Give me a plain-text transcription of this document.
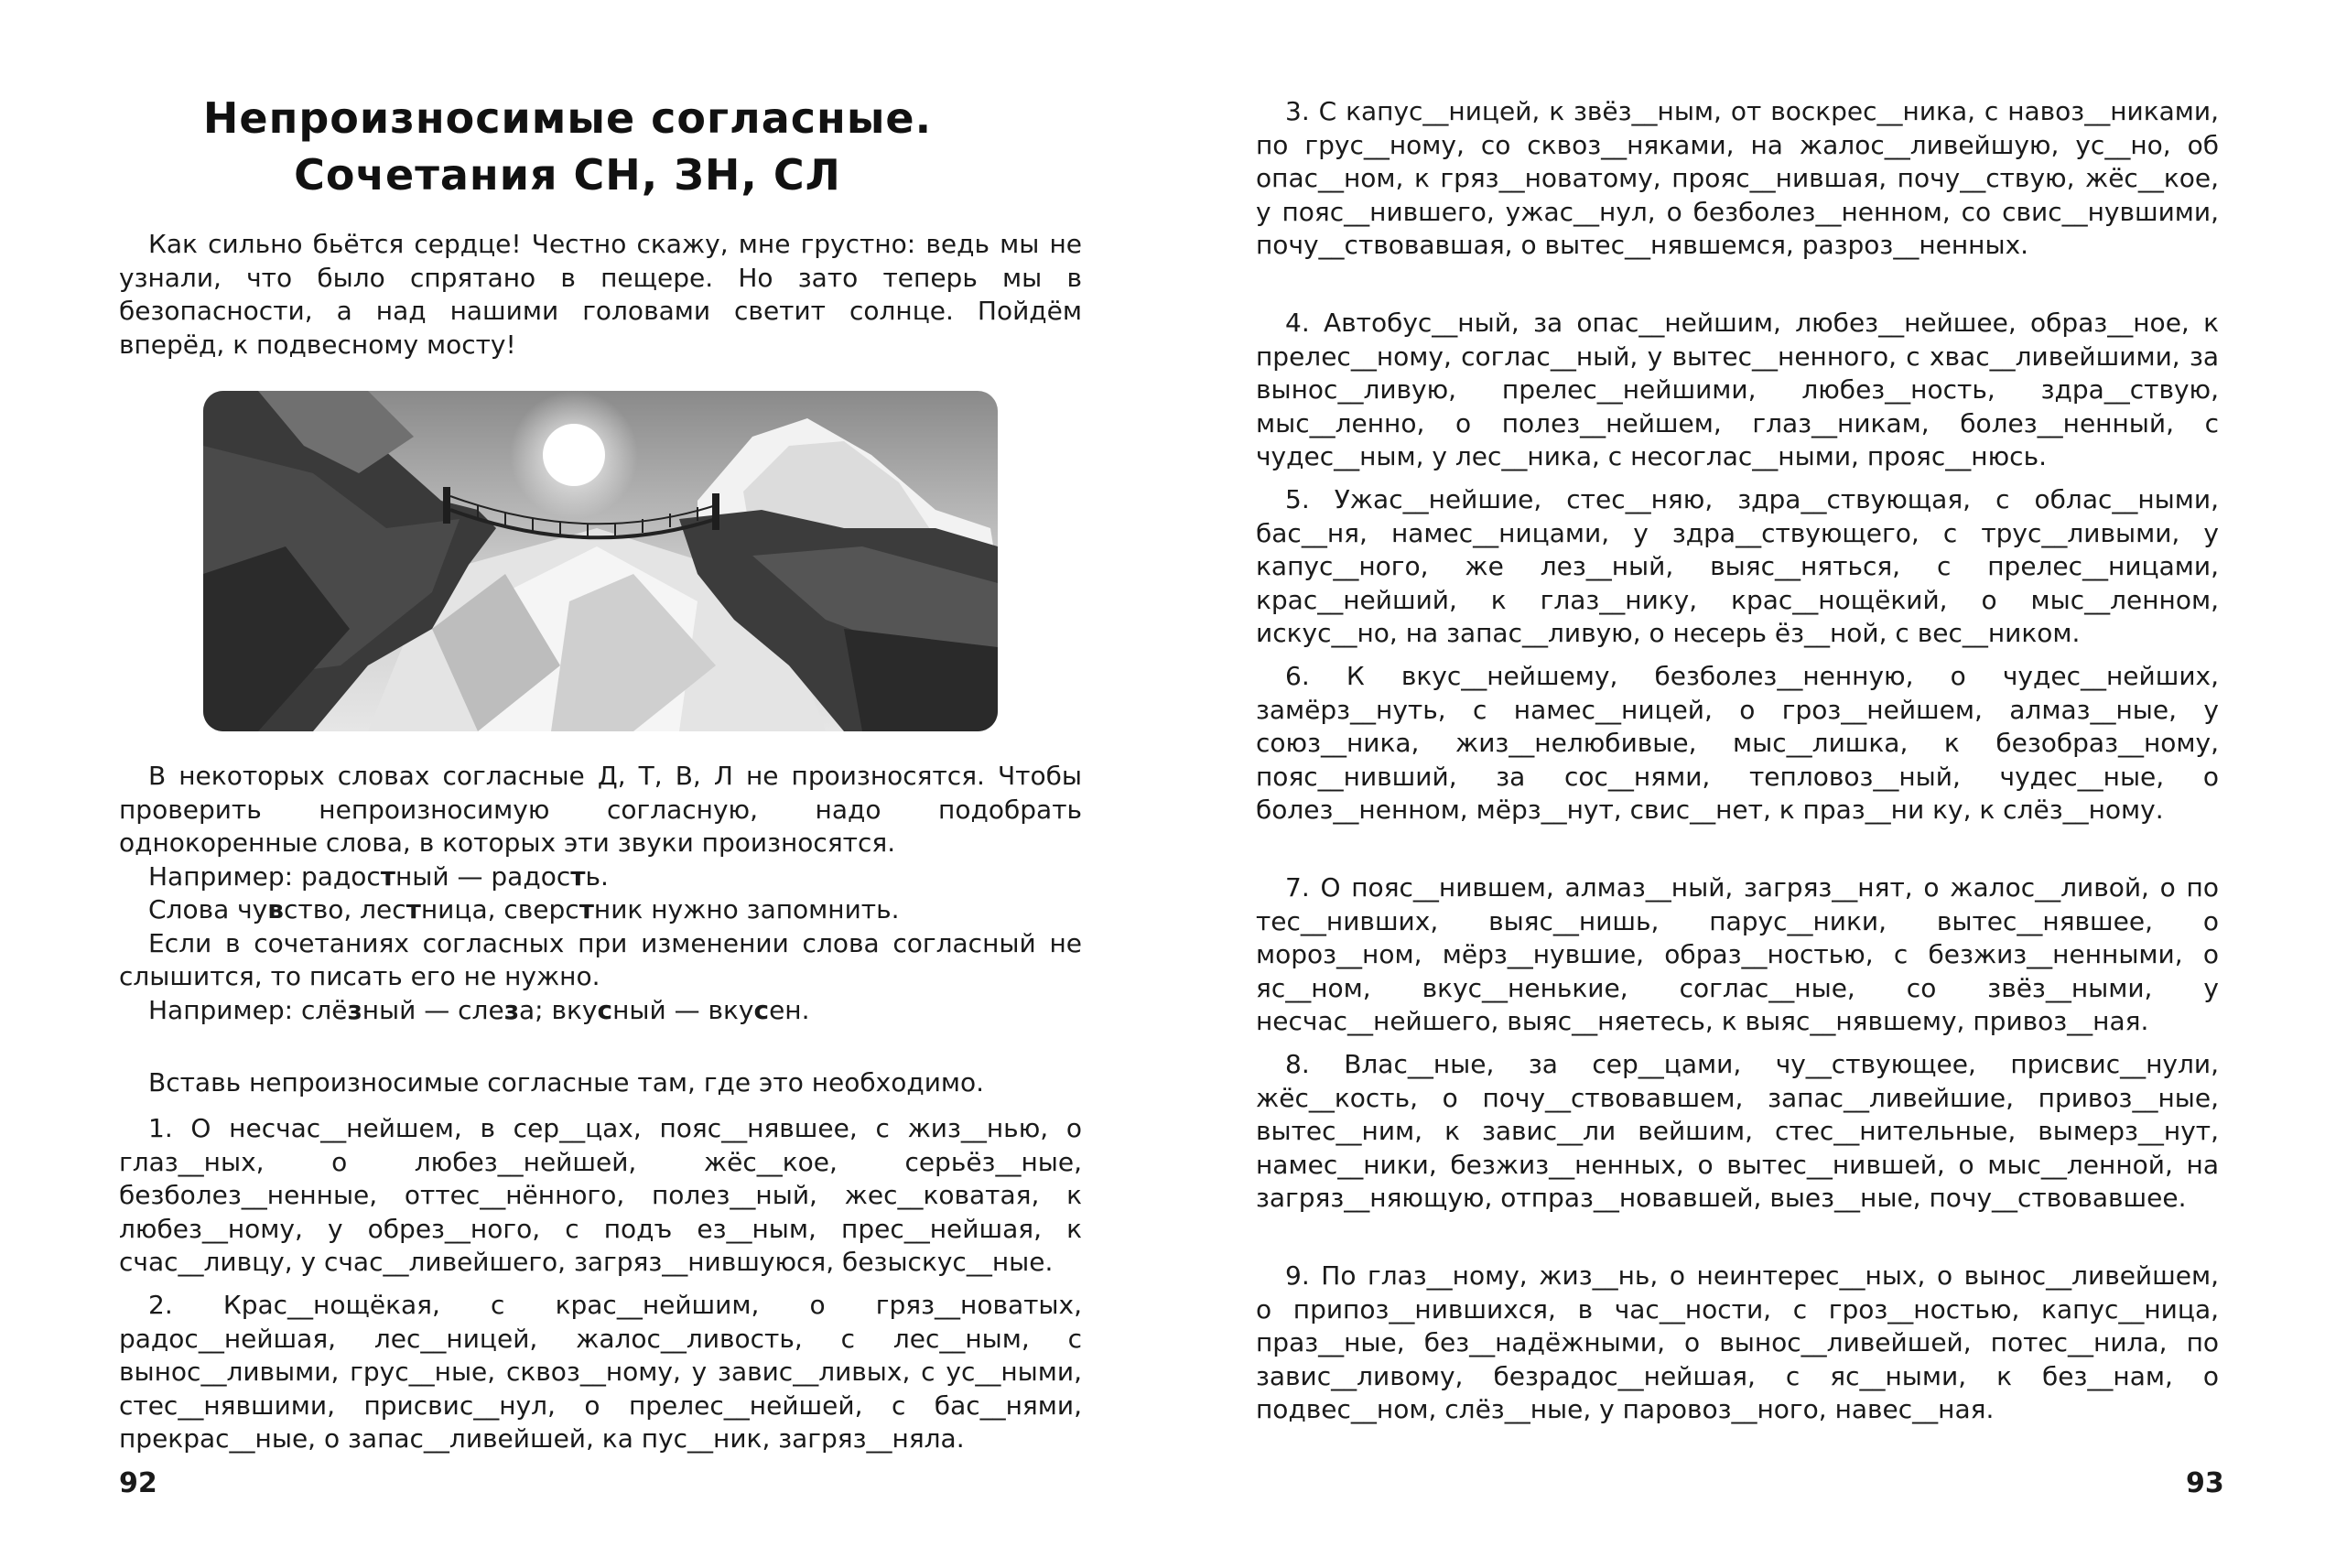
Непроизносимые согласные.
Сочетания СН, ЗН, СЛ
Как сильно бьётся сердце! Честно скажу, мне грустно: ведь мы не узнали, что было спрятано в пещере. Но зато теперь мы в безопасности, а над нашими головами светит солнце. Пойдём вперёд, к подвесному мосту!

В некоторых словах согласные Д, Т, В, Л не произносятся. Чтобы проверить непроизносимую согласную, надо подобрать однокоренные слова, в которых эти звуки произносятся.

Например: радостный — радость.

Слова чувство, лестница, сверстник нужно запомнить.

Если в сочетаниях согласных при изменении слова согласный не слышится, то писать его не нужно.

Например: слёзный — слеза; вкусный — вкусен.

Вставь непроизносимые согласные там, где это необходимо.
1. О несчас__нейшем, в сер__цах, пояс__нявшее, с жиз__нью, о глаз__ных, о любез__нейшей, жёс__кое, серьёз__ные, безболез__ненные, оттес__нённого, полез__ный, жес__коватая, к любез__ному, у обрез__ного, с подъ ез__ным, прес__нейшая, к счас__ливцу, у счас__ливейшего, загряз__нившуюся, безыскус__ные.
2. Крас__нощёкая, с крас__нейшим, о гряз__новатых, радос__нейшая, лес__ницей, жалос__ливость, с лес__ным, с вынос__ливыми, грус__ные, сквоз__ному, у завис__ливых, с ус__ными, стес__нявшими, присвис__нул, о прелес__нейшей, с бас__нями, прекрас__ные, о запас__ливейшей, ка пус__ник, загряз__няла.
92
3. С капус__ницей, к звёз__ным, от воскрес__ника, с навоз__никами, по грус__ному, со сквоз__няками, на жалос__ливейшую, ус__но, об опас__ном, к гряз__новатому, прояс__нившая, почу__ствую, жёс__кое, у пояс__нившего, ужас__нул, о безболез__ненном, со свис__нувшими, почу__ствовавшая, о вытес__нявшемся, разроз__ненных.
4. Автобус__ный, за опас__нейшим, любез__нейшее, образ__ное, к прелес__ному, соглас__ный, у вытес__ненного, с хвас__ливейшими, за вынос__ливую, прелес__нейшими, любез__ность, здра__ствую, мыс__ленно, о полез__нейшем, глаз__никам, болез__ненный, с чудес__ным, у лес__ника, с несоглас__ными, прояс__нюсь.
5. Ужас__нейшие, стес__няю, здра__ствующая, с облас__ными, бас__ня, намес__ницами, у здра__ствующего, с трус__ливыми, у капус__ного, же лез__ный, выяс__няться, с прелес__ницами, крас__нейший, к глаз__нику, крас__нощёкий, о мыс__ленном, искус__но, на запас__ливую, о несерь ёз__ной, с вес__ником.
6. К вкус__нейшему, безболез__ненную, о чудес__нейших, замёрз__нуть, с намес__ницей, о гроз__нейшем, алмаз__ные, у союз__ника, жиз__нелюбивые, мыс__лишка, к безобраз__ному, пояс__нивший, за сос__нями, тепловоз__ный, чудес__ные, о болез__ненном, мёрз__нут, свис__нет, к праз__ни ку, к слёз__ному.
7. О пояс__нившем, алмаз__ный, загряз__нят, о жалос__ливой, о по тес__нивших, выяс__нишь, парус__ники, вытес__нявшее, о мороз__ном, мёрз__нувшие, образ__ностью, с безжиз__ненными, о яс__ном, вкус__ненькие, соглас__ные, со звёз__ными, у несчас__нейшего, выяс__няетесь, к выяс__нявшему, привоз__ная.
8. Влас__ные, за сер__цами, чу__ствующее, присвис__нули, жёс__кость, о почу__ствовавшем, запас__ливейшие, привоз__ные, вытес__ним, к завис__ли вейшим, стес__нительные, вымерз__нут, намес__ники, безжиз__ненных, о вытес__нившей, о мыс__ленной, на загряз__няющую, отпраз__новавшей, выез__ные, почу__ствовавшее.
9. По глаз__ному, жиз__нь, о неинтерес__ных, о вынос__ливейшем, о припоз__нившихся, в час__ности, с гроз__ностью, капус__ница, праз__ные, без__надёжными, о вынос__ливейшей, потес__нила, по завис__ливому, безрадос__нейшая, с яс__ными, к без__нам, о подвес__ном, слёз__ные, у паровоз__ного, навес__ная.
93
